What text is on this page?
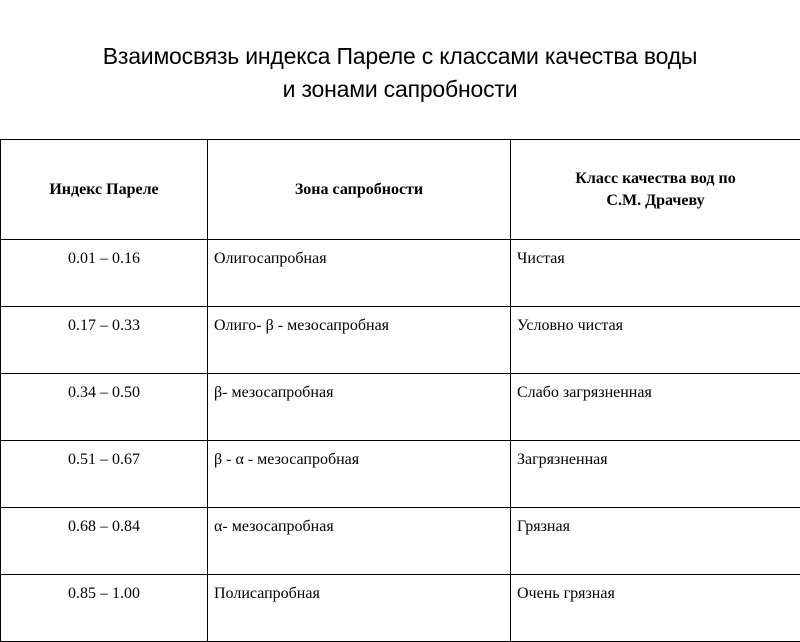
Взаимосвязь индекса Пареле с классами качества воды
и зонами сапробности
Индекс Пареле	Зона сапробности	Класс качества вод по
С.М. Драчеву

0.01 – 0.16	Олигосапробная	Чистая
0.17 – 0.33	Олиго- β - мезосапробная	Условно чистая
0.34 – 0.50	β- мезосапробная	Слабо загрязненная
0.51 – 0.67	β - α - мезосапробная	Загрязненная
0.68 – 0.84	α- мезосапробная	Грязная
0.85 – 1.00	Полисапробная	Очень грязная
